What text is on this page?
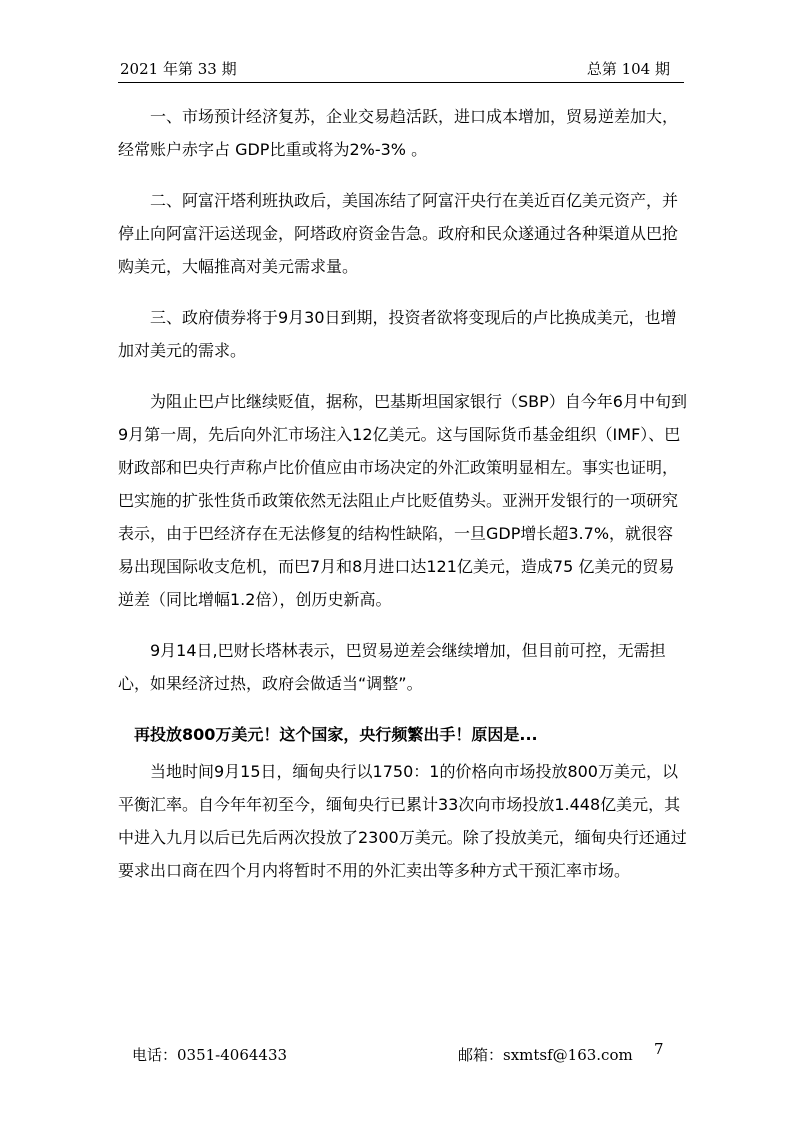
2021 年第 33 期	总第 104 期

一、市场预计经济复苏，企业交易趋活跃，进口成本增加，贸易逆差加大，经常账户赤字占 GDP比重或将为2%-3% 。

二、阿富汗塔利班执政后，美国冻结了阿富汗央行在美近百亿美元资产，并停止向阿富汗运送现金，阿塔政府资金告急。政府和民众遂通过各种渠道从巴抢购美元，大幅推高对美元需求量。

三、政府债券将于9月30日到期，投资者欲将变现后的卢比换成美元，也增加对美元的需求。

为阻止巴卢比继续贬值，据称，巴基斯坦国家银行（SBP）自今年6月中旬到9月第一周，先后向外汇市场注入12亿美元。这与国际货币基金组织（IMF）、巴财政部和巴央行声称卢比价值应由市场决定的外汇政策明显相左。事实也证明，巴实施的扩张性货币政策依然无法阻止卢比贬值势头。亚洲开发银行的一项研究表示，由于巴经济存在无法修复的结构性缺陷，一旦GDP增长超3.7%，就很容易出现国际收支危机，而巴7月和8月进口达121亿美元，造成75 亿美元的贸易逆差（同比增幅1.2倍），创历史新高。

9月14日,巴财长塔林表示，巴贸易逆差会继续增加，但目前可控，无需担心，如果经济过热，政府会做适当“调整”。

再投放800万美元！这个国家，央行频繁出手！原因是...

当地时间9月15日，缅甸央行以1750：1的价格向市场投放800万美元，以平衡汇率。自今年年初至今，缅甸央行已累计33次向市场投放1.448亿美元，其中进入九月以后已先后两次投放了2300万美元。除了投放美元，缅甸央行还通过要求出口商在四个月内将暂时不用的外汇卖出等多种方式干预汇率市场。

电话：0351-4064433	邮箱：sxmtsf@163.com 7
